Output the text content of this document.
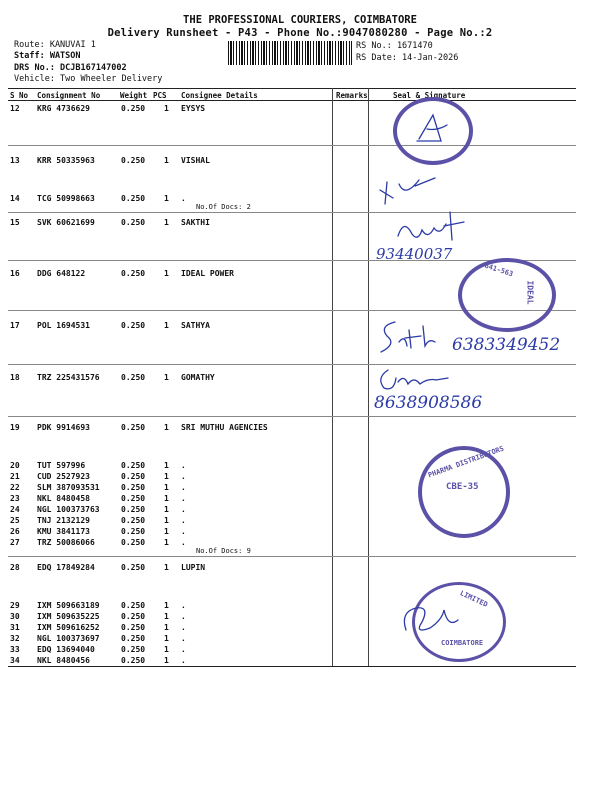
THE PROFESSIONAL COURIERS, COIMBATORE
Delivery Runsheet - P43 - Phone No.:9047080280 - Page No.:2
Route: KANUVAI 1
Staff: WATSON
DRS No.: DCJB167147002
Vehicle: Two Wheeler Delivery
RS No.: 1671470
RS Date: 14-Jan-2026
S No Consignment No	Weight PCS Consignee Details	Remarks	Seal & Signature
12 KRG 4736629	0.250 1 EYSYS
13 KRR 50335963	0.250 1 VISHAL
14 TCG 50998663	0.250 1 .
15 SVK 60621699	0.250 1 SAKTHI
16 DDG 648122	0.250 1 IDEAL POWER
17 POL 1694531	0.250 1 SATHYA
18 TRZ 225431576	0.250 1 GOMATHY
19 PDK 9914693	0.250 1 SRI MUTHU AGENCIES
20 TUT 597996	0.250 1 .
21 CUD 2527923	0.250 1 .
22 SLM 387093531	0.250 1 .
23 NKL 8480458	0.250 1 .
24 NGL 100373763	0.250 1 .
25 TNJ 2132129	0.250 1 .
26 KMU 3841173	0.250 1 .
27 TRZ 50086066	0.250 1 .
28 EDQ 17849284	0.250 1 LUPIN
29 IXM 509663189	0.250 1 .
30 IXM 509635225	0.250 1 .
31 IXM 509616252	0.250 1 .
32 NGL 100373697	0.250 1 .
33 EDQ 13694040	0.250 1 .
34 NKL 8480456	0.250 1 .
No.Of Docs: 2
No.Of Docs: 9
93440037
641-563
IDEAL
6383349452
8638908586
PHARMA DISTRIBUTORS
CBE-35
LIMITED
COIMBATORE
